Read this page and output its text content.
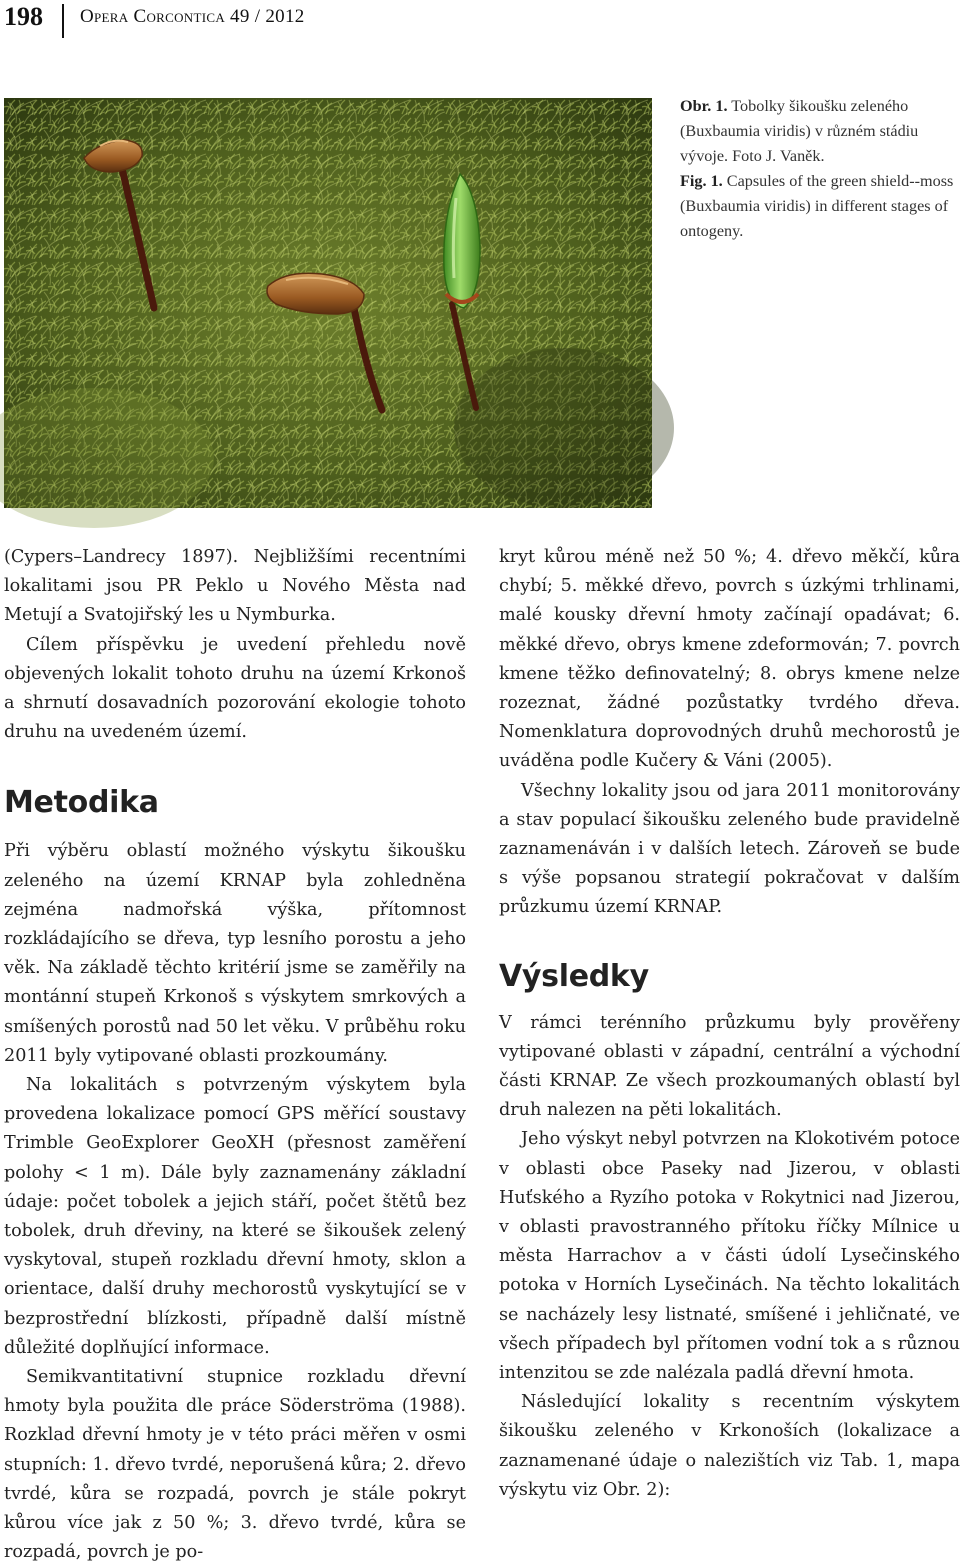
198 Opera Corcontica 49 / 2012

Obr. 1. Tobolky šikoušku zeleného (Buxbaumia viridis) v různém stádiu vývoje. Foto J. Vaněk.

Fig. 1. Capsules of the green shield--moss (Buxbaumia viridis) in different stages of ontogeny.

(Cypers–Landrecy 1897). Nejbližšími recentními lokalitami jsou PR Peklo u Nového Města nad Metují a Svatojiřský les u Nymburka.

Cílem příspěvku je uvedení přehledu nově objevených lokalit tohoto druhu na území Krkonoš a shrnutí dosavadních pozorování ekologie tohoto druhu na uvedeném území.

Metodika

Při výběru oblastí možného výskytu šikoušku zeleného na území KRNAP byla zohledněna zejména nadmořská výška, přítomnost rozkládajícího se dřeva, typ lesního porostu a jeho věk. Na základě těchto kritérií jsme se zaměřily na montánní stupeň Krkonoš s výskytem smrkových a smíšených porostů nad 50 let věku. V průběhu roku 2011 byly vytipované oblasti prozkoumány.

Na lokalitách s potvrzeným výskytem byla provedena lokalizace pomocí GPS měřící soustavy Trimble GeoExplorer GeoXH (přesnost zaměření polohy < 1 m). Dále byly zaznamenány základní údaje: počet tobolek a jejich stáří, počet štětů bez tobolek, druh dřeviny, na které se šikoušek zelený vyskytoval, stupeň rozkladu dřevní hmoty, sklon a orientace, další druhy mechorostů vyskytující se v bezprostřední blízkosti, případně další místně důležité doplňující informace.

Semikvantitativní stupnice rozkladu dřevní hmoty byla použita dle práce Söderströma (1988). Rozklad dřevní hmoty je v této práci měřen v osmi stupních: 1. dřevo tvrdé, neporušená kůra; 2. dřevo tvrdé, kůra se rozpadá, povrch je stále pokryt kůrou více jak z 50 %; 3. dřevo tvrdé, kůra se rozpadá, povrch je po-

kryt kůrou méně než 50 %; 4. dřevo měkčí, kůra chybí; 5. měkké dřevo, povrch s úzkými trhlinami, malé kousky dřevní hmoty začínají opadávat; 6. měkké dřevo, obrys kmene zdeformován; 7. povrch kmene těžko definovatelný; 8. obrys kmene nelze rozeznat, žádné pozůstatky tvrdého dřeva. Nomenklatura doprovodných druhů mechorostů je uváděna podle Kučery & Váni (2005).

Všechny lokality jsou od jara 2011 monitorovány a stav populací šikoušku zeleného bude pravidelně zaznamenáván i v dalších letech. Zároveň se bude s výše popsanou strategií pokračovat v dalším průzkumu území KRNAP.

Výsledky

V rámci terénního průzkumu byly prověřeny vytipované oblasti v západní, centrální a východní části KRNAP. Ze všech prozkoumaných oblastí byl druh nalezen na pěti lokalitách.

Jeho výskyt nebyl potvrzen na Klokotivém potoce v oblasti obce Paseky nad Jizerou, v oblasti Huťského a Ryzího potoka v Rokytnici nad Jizerou, v oblasti pravostranného přítoku říčky Mílnice u města Harrachov a v části údolí Lysečinského potoka v Horních Lysečinách. Na těchto lokalitách se nacházely lesy listnaté, smíšené i jehličnaté, ve všech případech byl přítomen vodní tok a s různou intenzitou se zde nalézala padlá dřevní hmota.

Následující lokality s recentním výskytem šikoušku zeleného v Krkonoších (lokalizace a zaznamenané údaje o nalezištích viz Tab. 1, mapa výskytu viz Obr. 2):
